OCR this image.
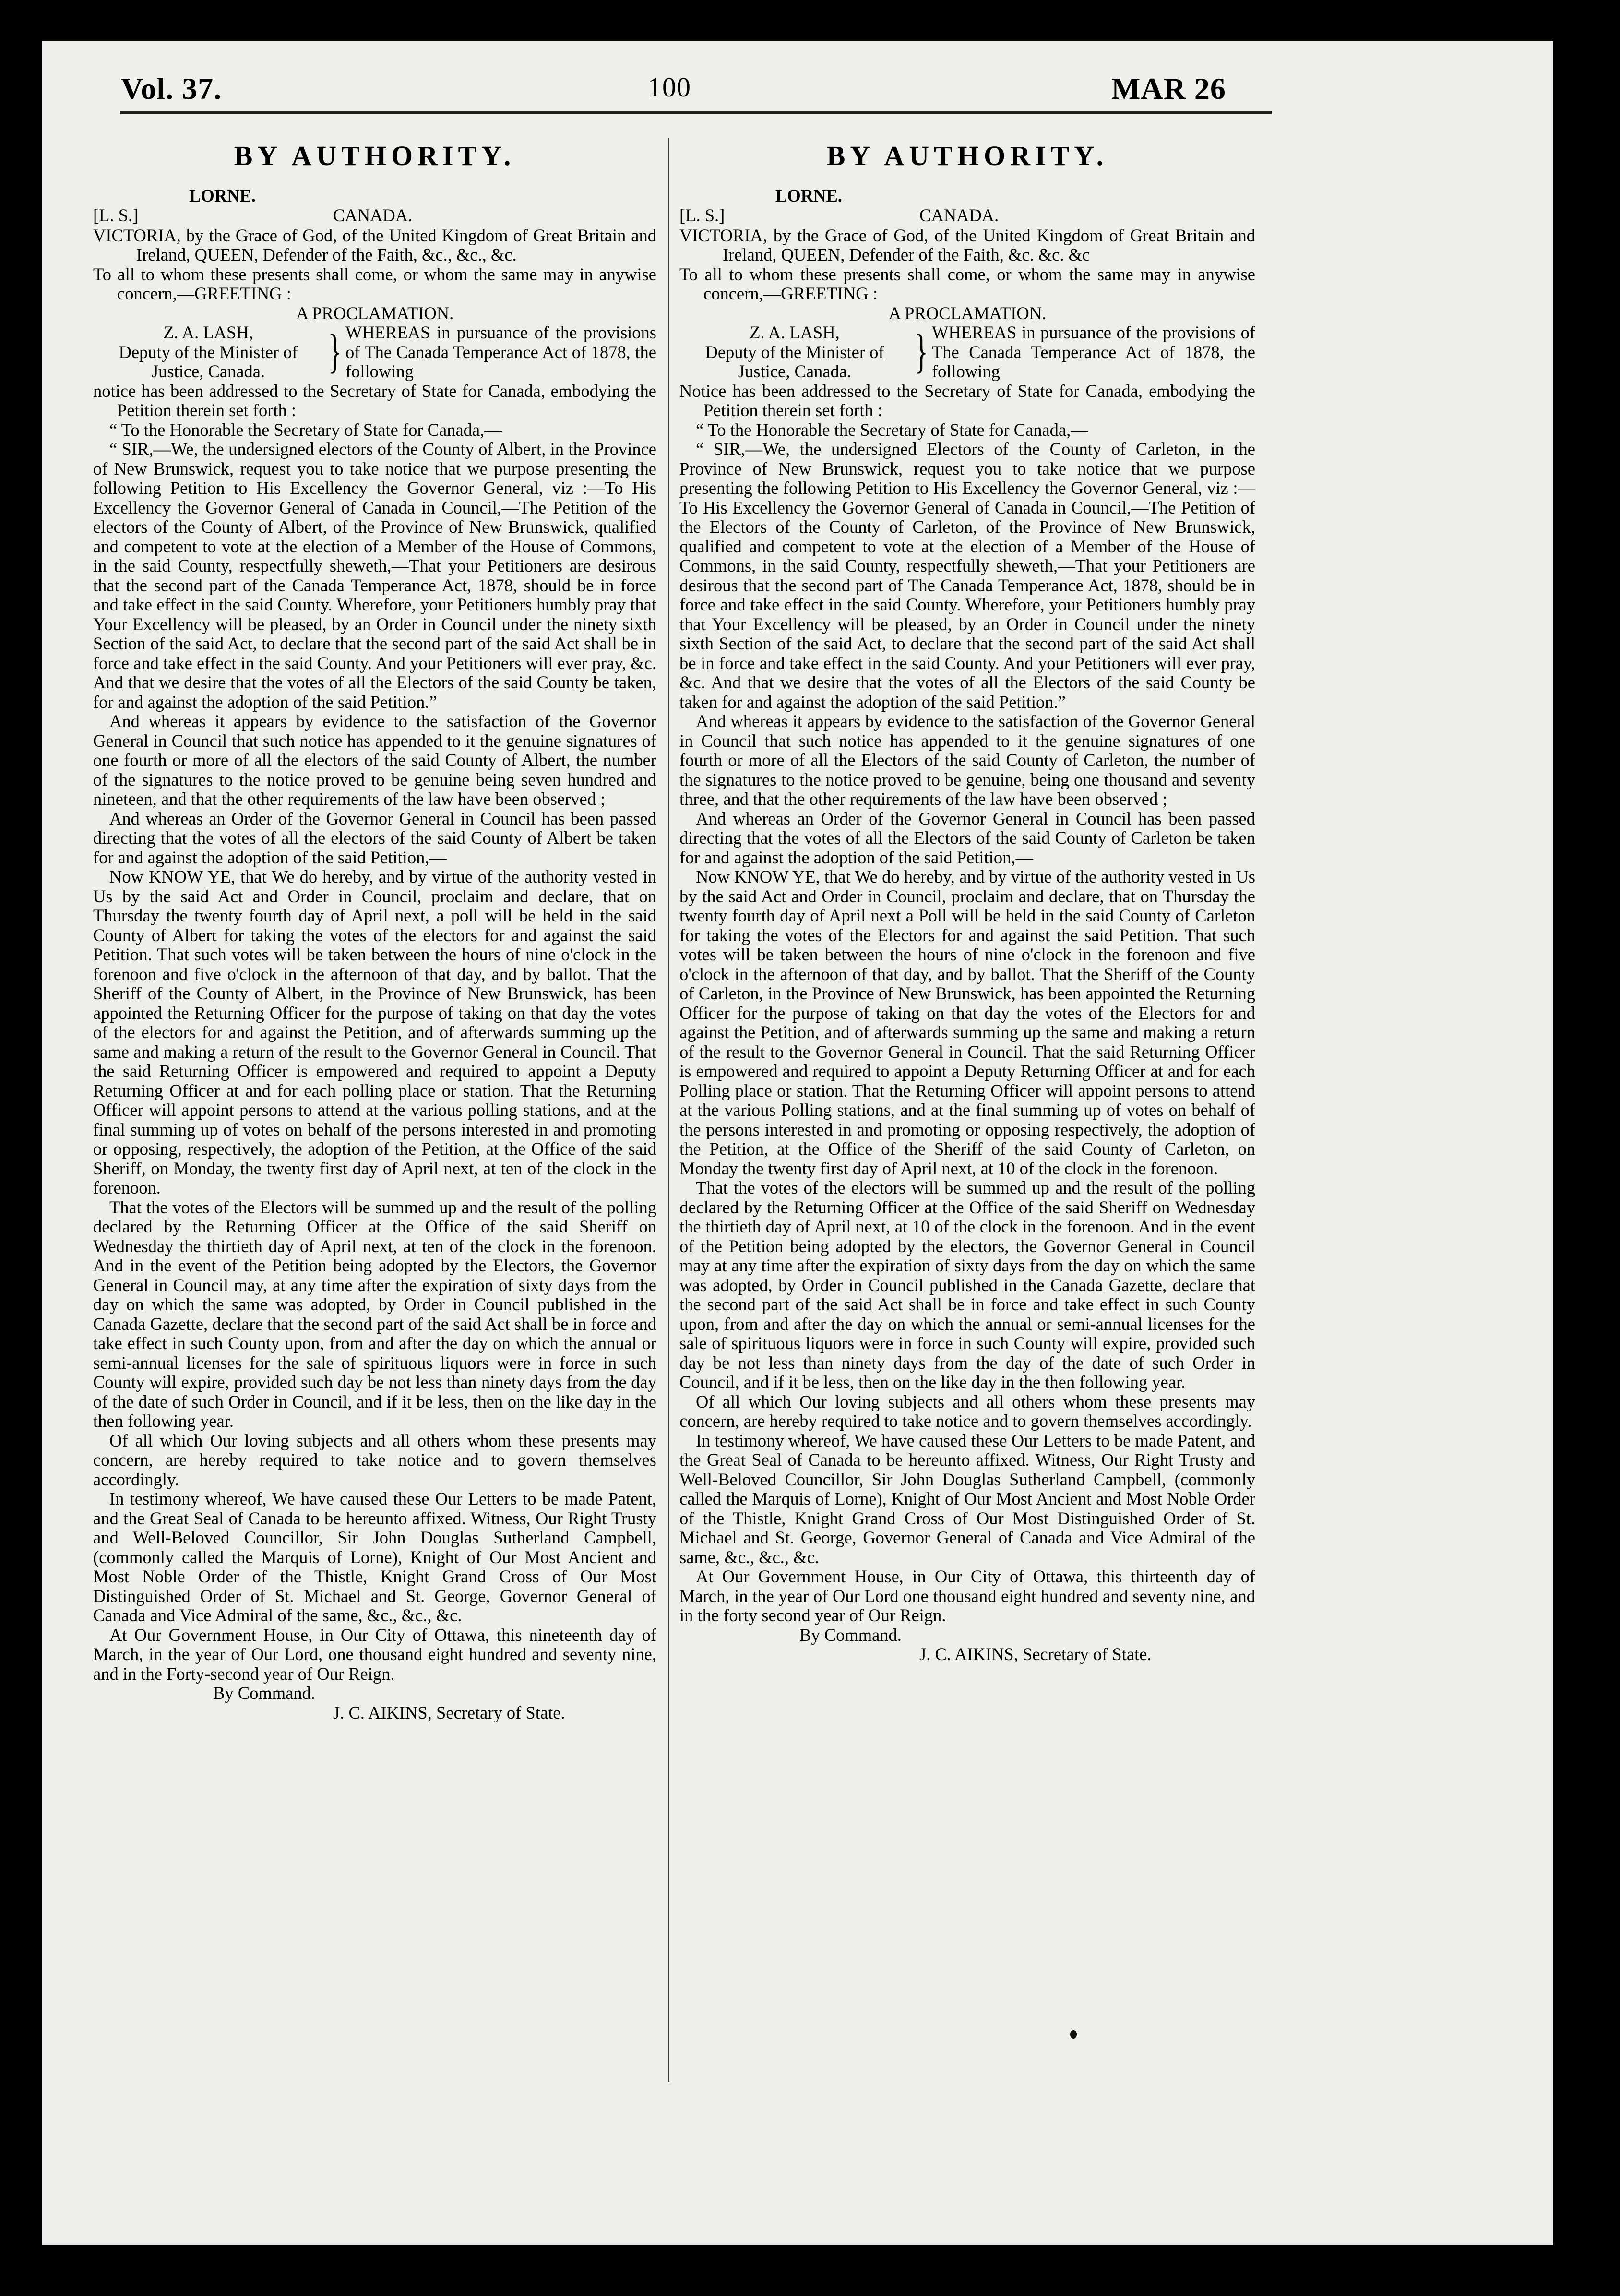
Vol. 37.	100	MAR 26
BY AUTHORITY.
LORNE.
[L. S.]	CANADA.

VICTORIA, by the Grace of God, of the United Kingdom of Great Britain and Ireland, QUEEN, Defender of the Faith, &c., &c., &c.

To all to whom these presents shall come, or whom the same may in anywise concern,—GREETING :

A PROCLAMATION.

Z. A. LASH,
Deputy of the Minister of Justice, Canada.	} WHEREAS in pursuance of the provisions of The Canada Temperance Act of 1878, the following

notice has been addressed to the Secretary of State for Canada, embodying the Petition therein set forth :

“ To the Honorable the Secretary of State for Canada,—

“ SIR,—We, the undersigned electors of the County of Albert, in the Province of New Brunswick, request you to take notice that we purpose presenting the following Petition to His Excellency the Governor General, viz :—To His Excellency the Governor General of Canada in Council,—The Petition of the electors of the County of Albert, of the Province of New Brunswick, qualified and competent to vote at the election of a Member of the House of Commons, in the said County, respectfully sheweth,—That your Petitioners are desirous that the second part of the Canada Temperance Act, 1878, should be in force and take effect in the said County. Wherefore, your Petitioners humbly pray that Your Excellency will be pleased, by an Order in Council under the ninety sixth Section of the said Act, to declare that the second part of the said Act shall be in force and take effect in the said County. And your Petitioners will ever pray, &c. And that we desire that the votes of all the Electors of the said County be taken, for and against the adoption of the said Petition.”

And whereas it appears by evidence to the satisfaction of the Governor General in Council that such notice has appended to it the genuine signatures of one fourth or more of all the electors of the said County of Albert, the number of the signatures to the notice proved to be genuine being seven hundred and nineteen, and that the other requirements of the law have been observed ;

And whereas an Order of the Governor General in Council has been passed directing that the votes of all the electors of the said County of Albert be taken for and against the adoption of the said Petition,—

Now KNOW YE, that We do hereby, and by virtue of the authority vested in Us by the said Act and Order in Council, proclaim and declare, that on Thursday the twenty fourth day of April next, a poll will be held in the said County of Albert for taking the votes of the electors for and against the said Petition. That such votes will be taken between the hours of nine o'clock in the forenoon and five o'clock in the afternoon of that day, and by ballot. That the Sheriff of the County of Albert, in the Province of New Brunswick, has been appointed the Returning Officer for the purpose of taking on that day the votes of the electors for and against the Petition, and of afterwards summing up the same and making a return of the result to the Governor General in Council. That the said Returning Officer is empowered and required to appoint a Deputy Returning Officer at and for each polling place or station. That the Returning Officer will appoint persons to attend at the various polling stations, and at the final summing up of votes on behalf of the persons interested in and promoting or opposing, respectively, the adoption of the Petition, at the Office of the said Sheriff, on Monday, the twenty first day of April next, at ten of the clock in the forenoon.

That the votes of the Electors will be summed up and the result of the polling declared by the Returning Officer at the Office of the said Sheriff on Wednesday the thirtieth day of April next, at ten of the clock in the forenoon. And in the event of the Petition being adopted by the Electors, the Governor General in Council may, at any time after the expiration of sixty days from the day on which the same was adopted, by Order in Council published in the Canada Gazette, declare that the second part of the said Act shall be in force and take effect in such County upon, from and after the day on which the annual or semi-annual licenses for the sale of spirituous liquors were in force in such County will expire, provided such day be not less than ninety days from the day of the date of such Order in Council, and if it be less, then on the like day in the then following year.

Of all which Our loving subjects and all others whom these presents may concern, are hereby required to take notice and to govern themselves accordingly.

In testimony whereof, We have caused these Our Letters to be made Patent, and the Great Seal of Canada to be hereunto affixed. Witness, Our Right Trusty and Well-Beloved Councillor, Sir John Douglas Sutherland Campbell, (commonly called the Marquis of Lorne), Knight of Our Most Ancient and Most Noble Order of the Thistle, Knight Grand Cross of Our Most Distinguished Order of St. Michael and St. George, Governor General of Canada and Vice Admiral of the same, &c., &c., &c.

At Our Government House, in Our City of Ottawa, this nineteenth day of March, in the year of Our Lord, one thousand eight hundred and seventy nine, and in the Forty-second year of Our Reign.

By Command.
J. C. AIKINS, Secretary of State.
BY AUTHORITY.
LORNE.
[L. S.]	CANADA.

VICTORIA, by the Grace of God, of the United Kingdom of Great Britain and Ireland, QUEEN, Defender of the Faith, &c. &c. &c

To all to whom these presents shall come, or whom the same may in anywise concern,—GREETING :

A PROCLAMATION.

Z. A. LASH,
Deputy of the Minister of Justice, Canada.	} WHEREAS in pursuance of the provisions of The Canada Temperance Act of 1878, the following

Notice has been addressed to the Secretary of State for Canada, embodying the Petition therein set forth :

“ To the Honorable the Secretary of State for Canada,—

“ SIR,—We, the undersigned Electors of the County of Carleton, in the Province of New Brunswick, request you to take notice that we purpose presenting the following Petition to His Excellency the Governor General, viz :—To His Excellency the Governor General of Canada in Council,—The Petition of the Electors of the County of Carleton, of the Province of New Brunswick, qualified and competent to vote at the election of a Member of the House of Commons, in the said County, respectfully sheweth,—That your Petitioners are desirous that the second part of The Canada Temperance Act, 1878, should be in force and take effect in the said County. Wherefore, your Petitioners humbly pray that Your Excellency will be pleased, by an Order in Council under the ninety sixth Section of the said Act, to declare that the second part of the said Act shall be in force and take effect in the said County. And your Petitioners will ever pray, &c. And that we desire that the votes of all the Electors of the said County be taken for and against the adoption of the said Petition.”

And whereas it appears by evidence to the satisfaction of the Governor General in Council that such notice has appended to it the genuine signatures of one fourth or more of all the Electors of the said County of Carleton, the number of the signatures to the notice proved to be genuine, being one thousand and seventy three, and that the other requirements of the law have been observed ;

And whereas an Order of the Governor General in Council has been passed directing that the votes of all the Electors of the said County of Carleton be taken for and against the adoption of the said Petition,—

Now KNOW YE, that We do hereby, and by virtue of the authority vested in Us by the said Act and Order in Council, proclaim and declare, that on Thursday the twenty fourth day of April next a Poll will be held in the said County of Carleton for taking the votes of the Electors for and against the said Petition. That such votes will be taken between the hours of nine o'clock in the forenoon and five o'clock in the afternoon of that day, and by ballot. That the Sheriff of the County of Carleton, in the Province of New Brunswick, has been appointed the Returning Officer for the purpose of taking on that day the votes of the Electors for and against the Petition, and of afterwards summing up the same and making a return of the result to the Governor General in Council. That the said Returning Officer is empowered and required to appoint a Deputy Returning Officer at and for each Polling place or station. That the Returning Officer will appoint persons to attend at the various Polling stations, and at the final summing up of votes on behalf of the persons interested in and promoting or opposing respectively, the adoption of the Petition, at the Office of the Sheriff of the said County of Carleton, on Monday the twenty first day of April next, at 10 of the clock in the forenoon.

That the votes of the electors will be summed up and the result of the polling declared by the Returning Officer at the Office of the said Sheriff on Wednesday the thirtieth day of April next, at 10 of the clock in the forenoon. And in the event of the Petition being adopted by the electors, the Governor General in Council may at any time after the expiration of sixty days from the day on which the same was adopted, by Order in Council published in the Canada Gazette, declare that the second part of the said Act shall be in force and take effect in such County upon, from and after the day on which the annual or semi-annual licenses for the sale of spirituous liquors were in force in such County will expire, provided such day be not less than ninety days from the day of the date of such Order in Council, and if it be less, then on the like day in the then following year.

Of all which Our loving subjects and all others whom these presents may concern, are hereby required to take notice and to govern themselves accordingly.

In testimony whereof, We have caused these Our Letters to be made Patent, and the Great Seal of Canada to be hereunto affixed. Witness, Our Right Trusty and Well-Beloved Councillor, Sir John Douglas Sutherland Campbell, (commonly called the Marquis of Lorne), Knight of Our Most Ancient and Most Noble Order of the Thistle, Knight Grand Cross of Our Most Distinguished Order of St. Michael and St. George, Governor General of Canada and Vice Admiral of the same, &c., &c., &c.

At Our Government House, in Our City of Ottawa, this thirteenth day of March, in the year of Our Lord one thousand eight hundred and seventy nine, and in the forty second year of Our Reign.

By Command.
J. C. AIKINS, Secretary of State.
